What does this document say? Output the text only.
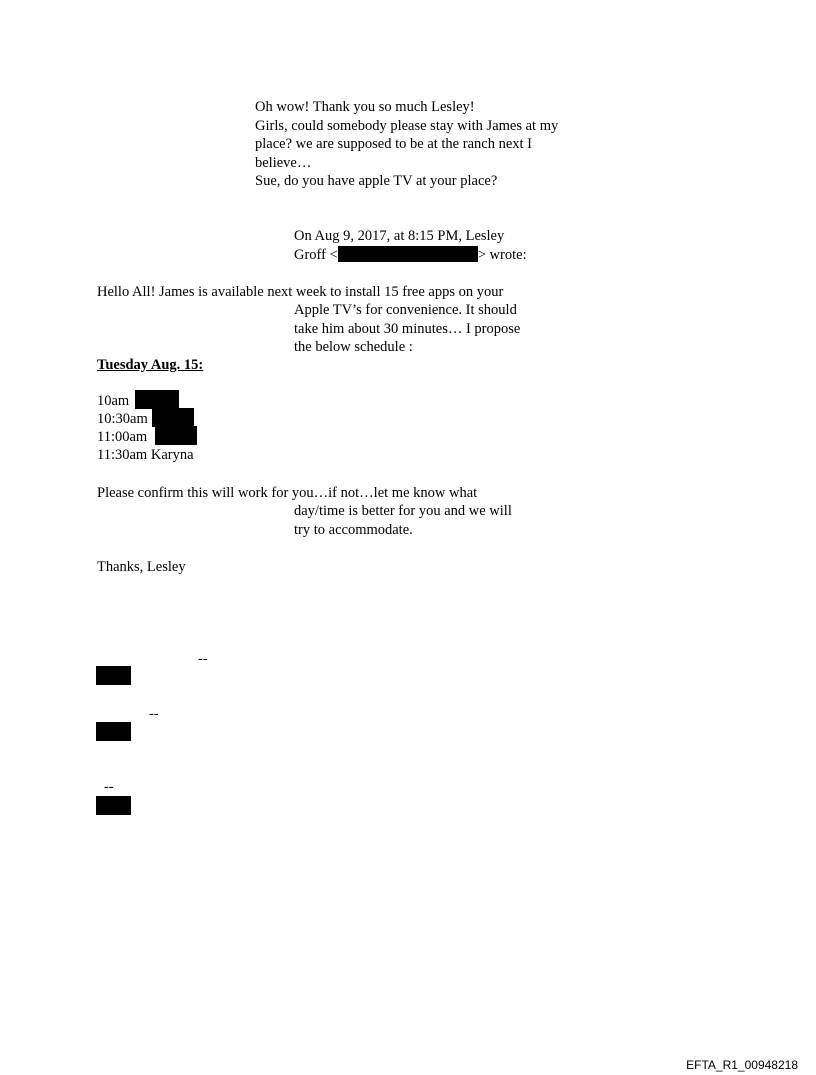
Oh wow! Thank you so much Lesley!
Girls, could somebody please stay with James at my
place? we are supposed to be at the ranch next I
believe…
Sue, do you have apple TV at your place?
On Aug 9, 2017, at 8:15 PM, Lesley
Groff <	> wrote:
Hello All! James is available next week to install 15 free apps on your
Apple TV’s for convenience. It should
take him about 30 minutes… I propose
the below schedule :
Tuesday Aug. 15:
10am
10:30am
11:00am
11:30am Karyna
Please confirm this will work for you…if not…let me know what
day/time is better for you and we will
try to accommodate.
Thanks, Lesley
--
--
--
EFTA_R1_00948218
